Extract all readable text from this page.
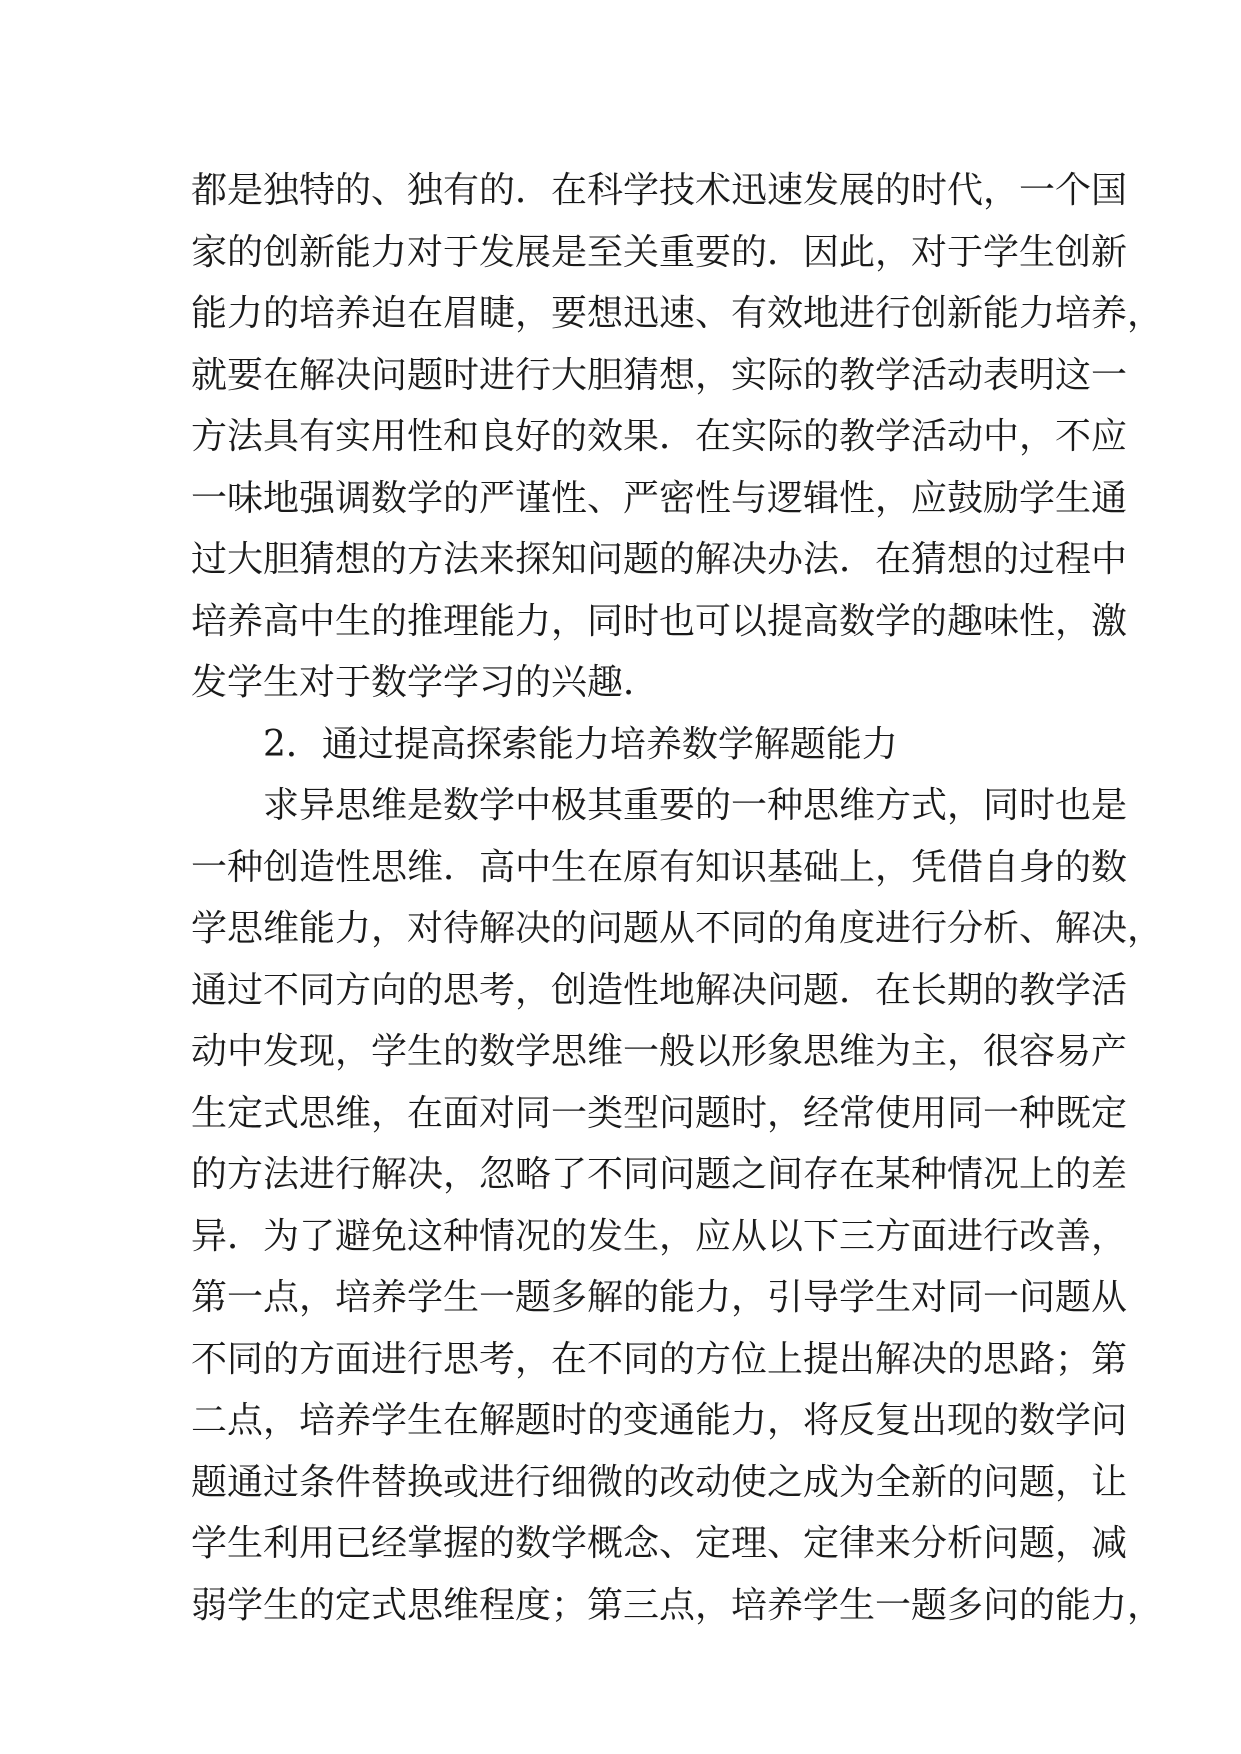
都是独特的、独有的．在科学技术迅速发展的时代，一个国
家的创新能力对于发展是至关重要的．因此，对于学生创新
能力的培养迫在眉睫，要想迅速、有效地进行创新能力培养，
就要在解决问题时进行大胆猜想，实际的教学活动表明这一
方法具有实用性和良好的效果．在实际的教学活动中，不应
一味地强调数学的严谨性、严密性与逻辑性，应鼓励学生通
过大胆猜想的方法来探知问题的解决办法．在猜想的过程中
培养高中生的推理能力，同时也可以提高数学的趣味性，激
发学生对于数学学习的兴趣．
2．通过提高探索能力培养数学解题能力
求异思维是数学中极其重要的一种思维方式，同时也是
一种创造性思维．高中生在原有知识基础上，凭借自身的数
学思维能力，对待解决的问题从不同的角度进行分析、解决，
通过不同方向的思考，创造性地解决问题．在长期的教学活
动中发现，学生的数学思维一般以形象思维为主，很容易产
生定式思维，在面对同一类型问题时，经常使用同一种既定
的方法进行解决，忽略了不同问题之间存在某种情况上的差
异．为了避免这种情况的发生，应从以下三方面进行改善，
第一点，培养学生一题多解的能力，引导学生对同一问题从
不同的方面进行思考，在不同的方位上提出解决的思路；第
二点，培养学生在解题时的变通能力，将反复出现的数学问
题通过条件替换或进行细微的改动使之成为全新的问题，让
学生利用已经掌握的数学概念、定理、定律来分析问题，减
弱学生的定式思维程度；第三点，培养学生一题多问的能力，
